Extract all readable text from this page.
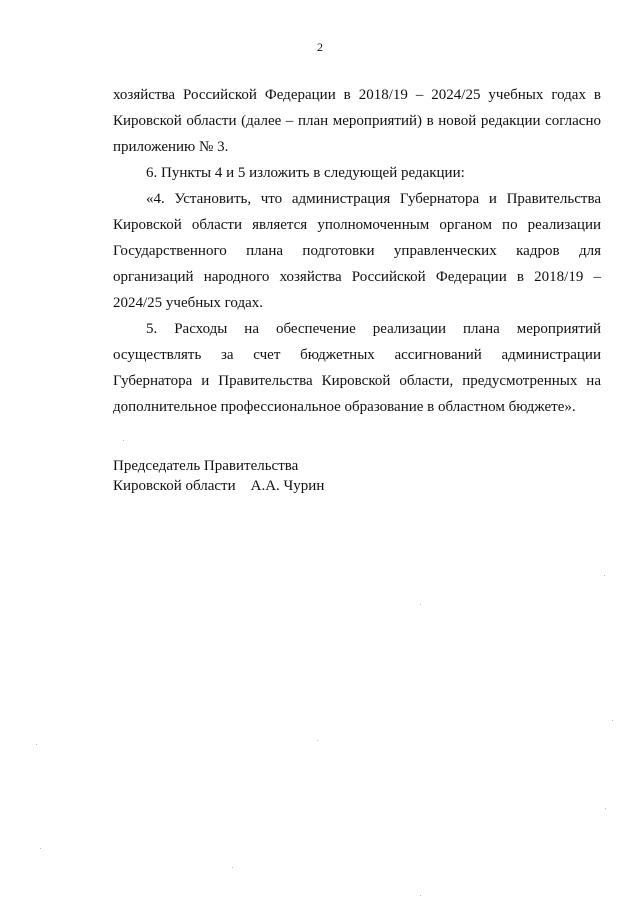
2

хозяйства Российской Федерации в 2018/19 – 2024/25 учебных годах в Кировской области (далее – план мероприятий) в новой редакции согласно приложению № 3.

6. Пункты 4 и 5 изложить в следующей редакции:

«4. Установить, что администрация Губернатора и Правительства Кировской области является уполномоченным органом по реализации Государственного плана подготовки управленческих кадров для организаций народного хозяйства Российской Федерации в 2018/19 – 2024/25 учебных годах.

5. Расходы на обеспечение реализации плана мероприятий осуществлять за счет бюджетных ассигнований администрации Губернатора и Правительства Кировской области, предусмотренных на дополнительное профессиональное образование в областном бюджете».

Председатель Правительства
Кировской области    А.А. Чурин
